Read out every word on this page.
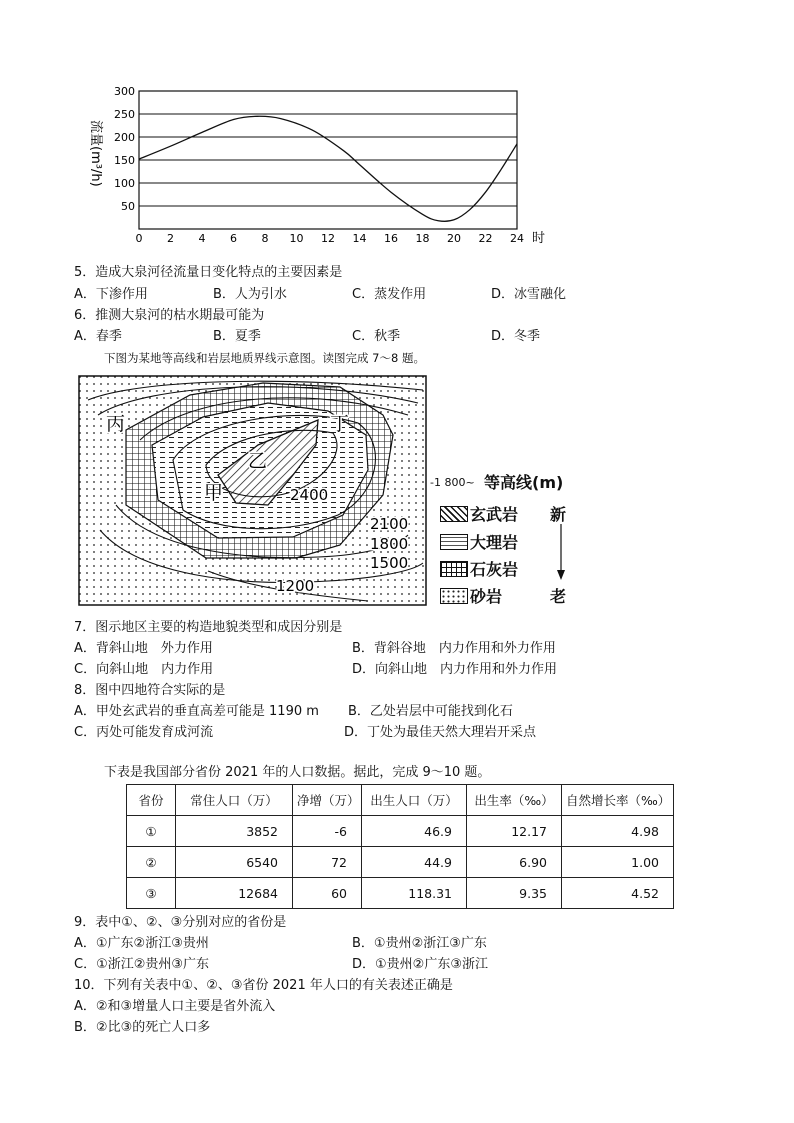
0 2 4 6 8 10 12 14 16 18 20 22 24
50
100
150
200
250
300
时
流量(m³/h)
5．造成大泉河径流量日变化特点的主要因素是
A．下渗作用	B．人为引水	C．蒸发作用	D．冰雪融化
6．推测大泉河的枯水期最可能为
A．春季	B．夏季	C．秋季	D．冬季
下图为某地等高线和岩层地质界线示意图。读图完成 7～8 题。
丙	丁
乙
甲	2400
2100
1800
1500
1200
-1 800~ 等高线(m)
玄武岩 新
大理岩
石灰岩
砂岩	老
7．图示地区主要的构造地貌类型和成因分别是
A．背斜山地　外力作用	B．背斜谷地　内力作用和外力作用
C．向斜山地　内力作用	D．向斜山地　内力作用和外力作用
8．图中四地符合实际的是
A．甲处玄武岩的垂直高差可能是 1190 m B．乙处岩层中可能找到化石
C．丙处可能发育成河流	D．丁处为最佳天然大理岩开采点
下表是我国部分省份 2021 年的人口数据。据此，完成 9～10 题。
省份	常住人口（万）	净增（万）	出生人口（万）	出生率（‰）	自然增长率（‰）
①	3852	-6	46.9	12.17	4.98
②	6540	72	44.9	6.90	1.00
③	12684	60	118.31	9.35	4.52
9．表中①、②、③分别对应的省份是
A．①广东②浙江③贵州	B．①贵州②浙江③广东
C．①浙江②贵州③广东	D．①贵州②广东③浙江
10．下列有关表中①、②、③省份 2021 年人口的有关表述正确是
A．②和③增量人口主要是省外流入
B．②比③的死亡人口多
